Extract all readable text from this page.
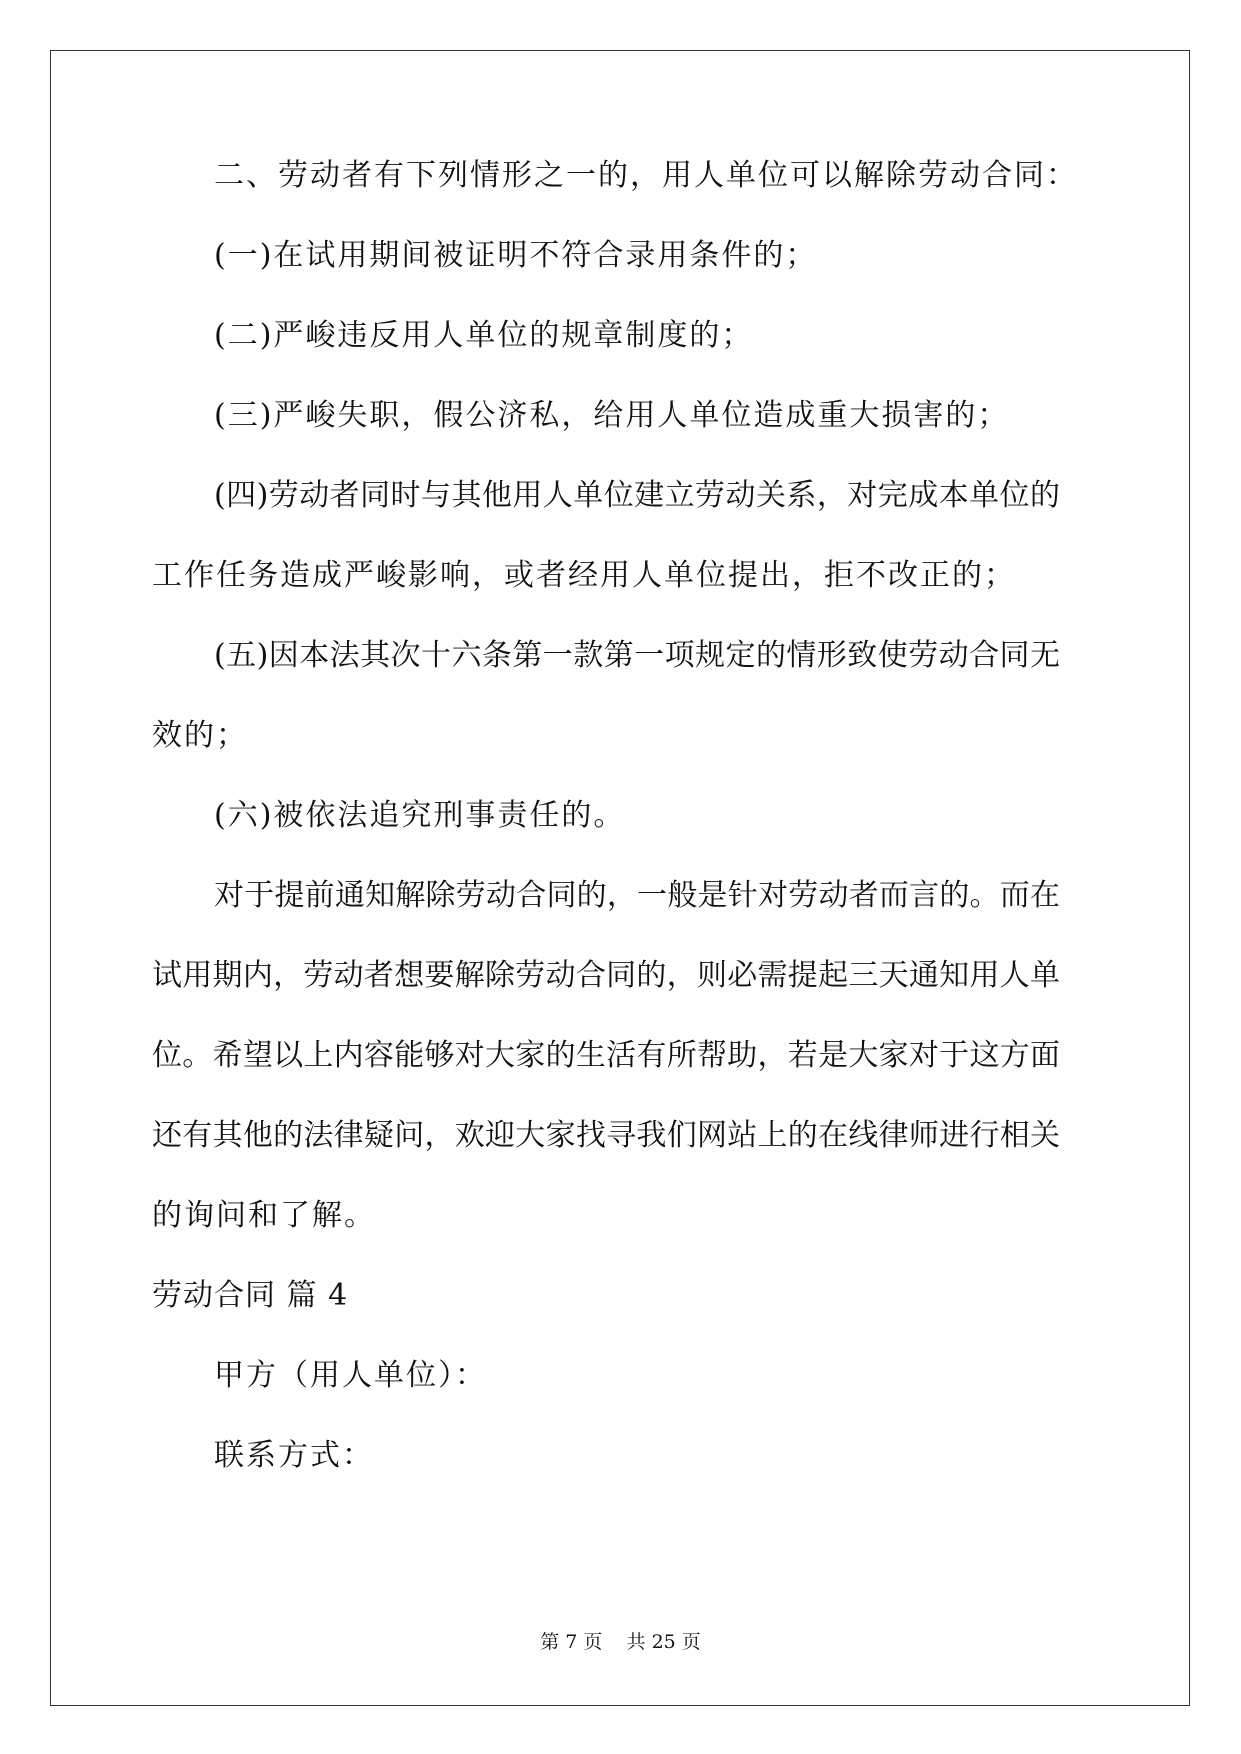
二、劳动者有下列情形之一的，用人单位可以解除劳动合同：
(一)在试用期间被证明不符合录用条件的；
(二)严峻违反用人单位的规章制度的；
(三)严峻失职，假公济私，给用人单位造成重大损害的；
(四)劳动者同时与其他用人单位建立劳动关系，对完成本单位的
工作任务造成严峻影响，或者经用人单位提出，拒不改正的；
(五)因本法其次十六条第一款第一项规定的情形致使劳动合同无
效的；
(六)被依法追究刑事责任的。
对于提前通知解除劳动合同的，一般是针对劳动者而言的。而在
试用期内，劳动者想要解除劳动合同的，则必需提起三天通知用人单
位。希望以上内容能够对大家的生活有所帮助，若是大家对于这方面
还有其他的法律疑问，欢迎大家找寻我们网站上的在线律师进行相关
的询问和了解。
劳动合同 篇 4
甲方（用人单位）：
联系方式：
第 7 页 共 25 页
